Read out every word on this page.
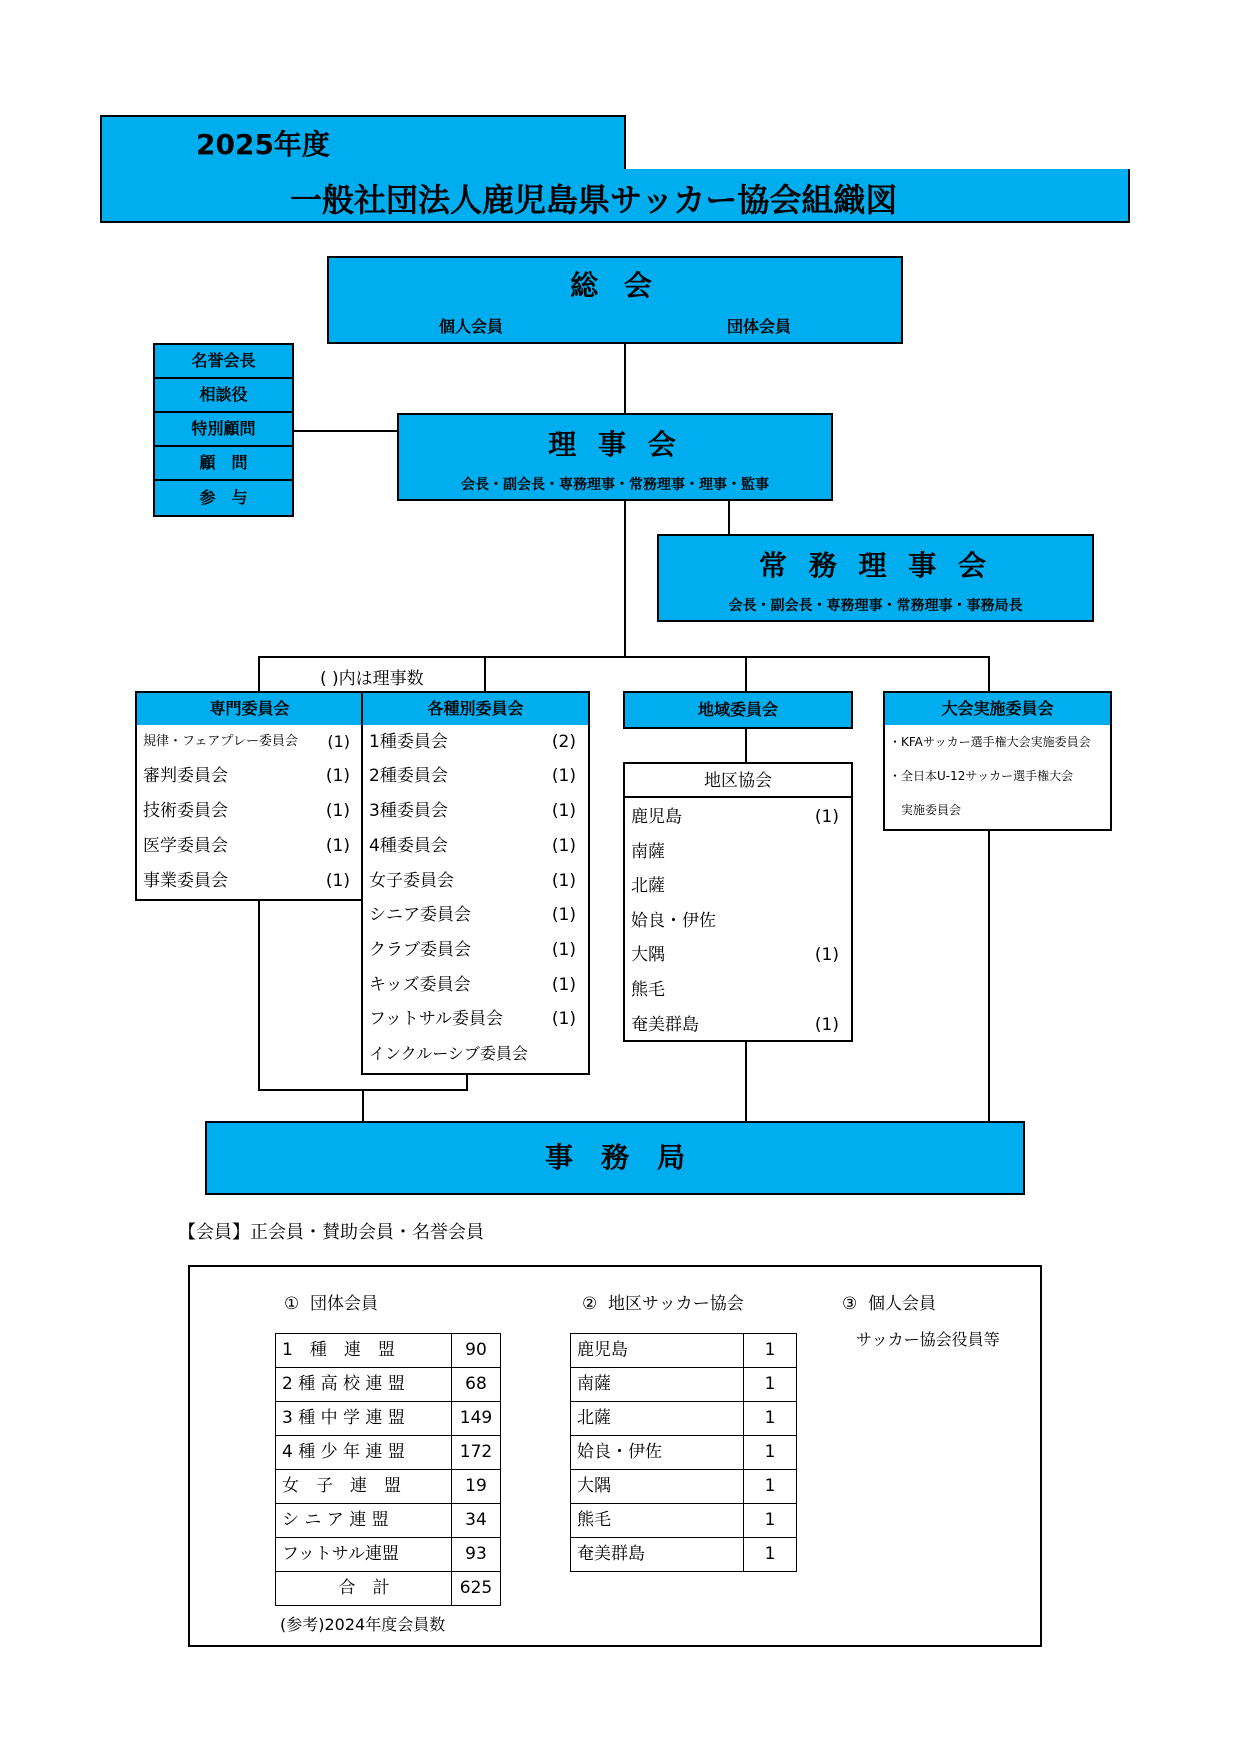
2025年度
一般社団法人鹿児島県サッカー協会組織図
総 会
個人会員	団体会員
名誉会長
相談役
特別顧問
顧　問
参　与
理 事 会
会長・副会長・専務理事・常務理事・理事・監事
常 務 理 事 会
会長・副会長・専務理事・常務理事・事務局長
( )内は理事数
専門委員会
規律・フェアプレー委員会 (1)
審判委員会	(1)
技術委員会	(1)
医学委員会	(1)
事業委員会	(1)
各種別委員会
1種委員会	(2)
2種委員会	(1)
3種委員会	(1)
4種委員会	(1)
女子委員会	(1)
シニア委員会	(1)
クラブ委員会	(1)
キッズ委員会	(1)
フットサル委員会	(1)
インクルーシブ委員会
地域委員会
地区協会
鹿児島	(1)
南薩
北薩
姶良・伊佐
大隅	(1)
熊毛
奄美群島	(1)
大会実施委員会
・KFAサッカー選手権大会実施委員会
・全日本U-12サッカー選手権大会
　実施委員会
事　務　局
【会員】正会員・賛助会員・名誉会員
①  団体会員	②  地区サッカー協会	③  個人会員
サッカー協会役員等
1　種　連　盟	90
2 種 高 校 連 盟	68
3 種 中 学 連 盟	149
4 種 少 年 連 盟	172
女　子　連　盟	19
シ ニ ア 連 盟	34
フットサル連盟	93
合　計	625
(参考)2024年度会員数
鹿児島	1
南薩	1
北薩	1
姶良・伊佐	1
大隅	1
熊毛	1
奄美群島	1
